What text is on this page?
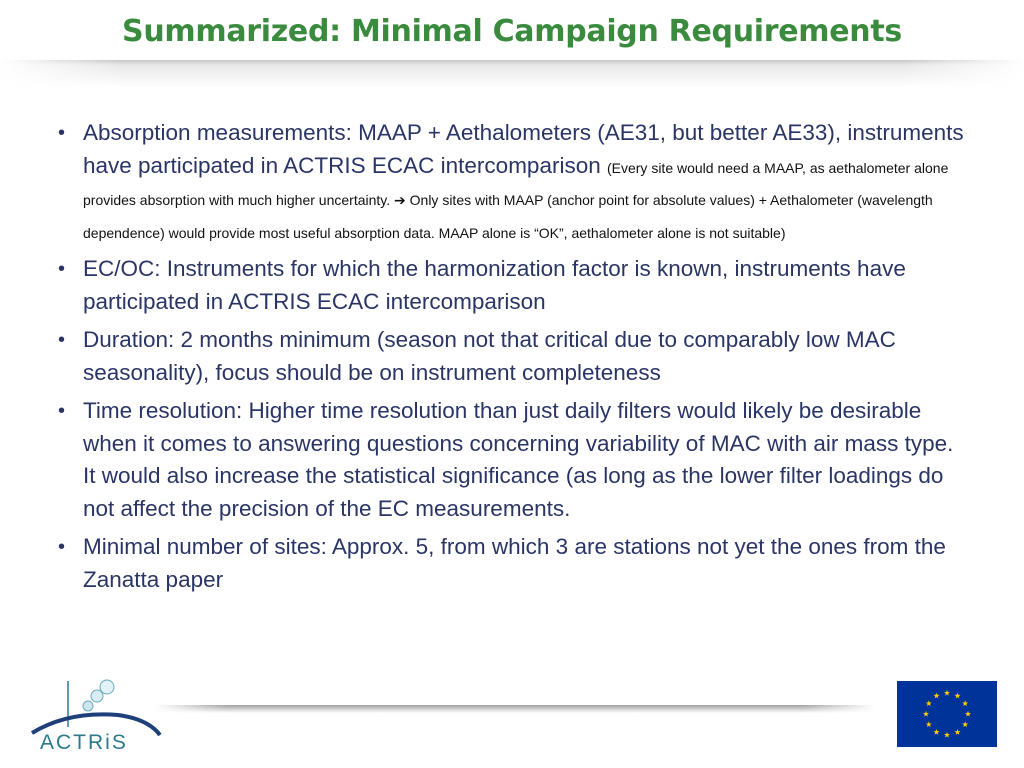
Summarized: Minimal Campaign Requirements
• Absorption measurements: MAAP + Aethalometers (AE31, but better AE33), instruments have participated in ACTRIS ECAC intercomparison (Every site would need a MAAP, as aethalometer alone provides absorption with much higher uncertainty. ➔ Only sites with MAAP (anchor point for absolute values) + Aethalometer (wavelength dependence) would provide most useful absorption data. MAAP alone is “OK”, aethalometer alone is not suitable)
• EC/OC: Instruments for which the harmonization factor is known, instruments have participated in ACTRIS ECAC intercomparison
• Duration: 2 months minimum (season not that critical due to comparably low MAC seasonality), focus should be on instrument completeness
• Time resolution: Higher time resolution than just daily filters would likely be desirable when it comes to answering questions concerning variability of MAC with air mass type. It would also increase the statistical significance (as long as the lower filter loadings do not affect the precision of the EC measurements.
• Minimal number of sites: Approx. 5, from which 3 are stations not yet the ones from the Zanatta paper
ACTRiS
